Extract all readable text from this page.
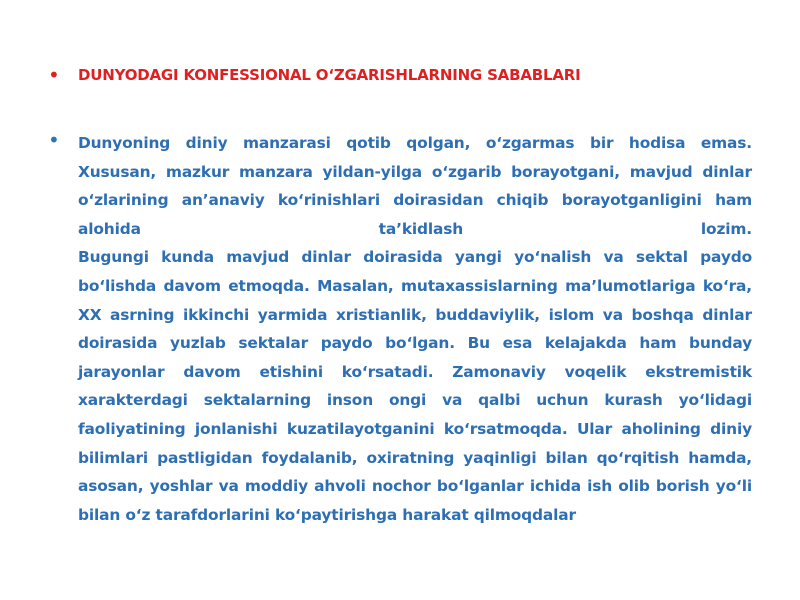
•	DUNYODAGI KONFESSIONAL O‘ZGARISHLARNING SABABLARI
•	Dunyoning diniy manzarasi qotib qolgan, o‘zgarmas bir hodisa emas. Xususan, mazkur manzara yildan-yilga o‘zgarib borayotgani, mavjud dinlar o‘zlarining an’anaviy ko‘rinishlari doirasidan chiqib borayotganligini ham alohida ta’kidlash lozim.

Bugungi kunda mavjud dinlar doirasida yangi yo‘nalish va sektal paydo bo‘lishda davom etmoqda. Masalan, mutaxassislarning ma’lumotlariga ko‘ra, XX asrning ikkinchi yarmida xristianlik, buddaviylik, islom va boshqa dinlar doirasida yuzlab sektalar paydo bo‘lgan. Bu esa kelajakda ham bunday jarayonlar davom etishini ko‘rsatadi. Zamonaviy voqelik ekstremistik xarakterdagi sektalarning inson ongi va qalbi uchun kurash yo‘lidagi faoliyatining jonlanishi kuzatilayotganini ko‘rsatmoqda. Ular aholining diniy bilimlari pastligidan foydalanib, oxiratning yaqinligi bilan qo‘rqitish hamda, asosan, yoshlar va moddiy ahvoli nochor bo‘lganlar ichida ish olib borish yo‘li bilan o‘z tarafdorlarini ko‘paytirishga harakat qilmoqdalar
